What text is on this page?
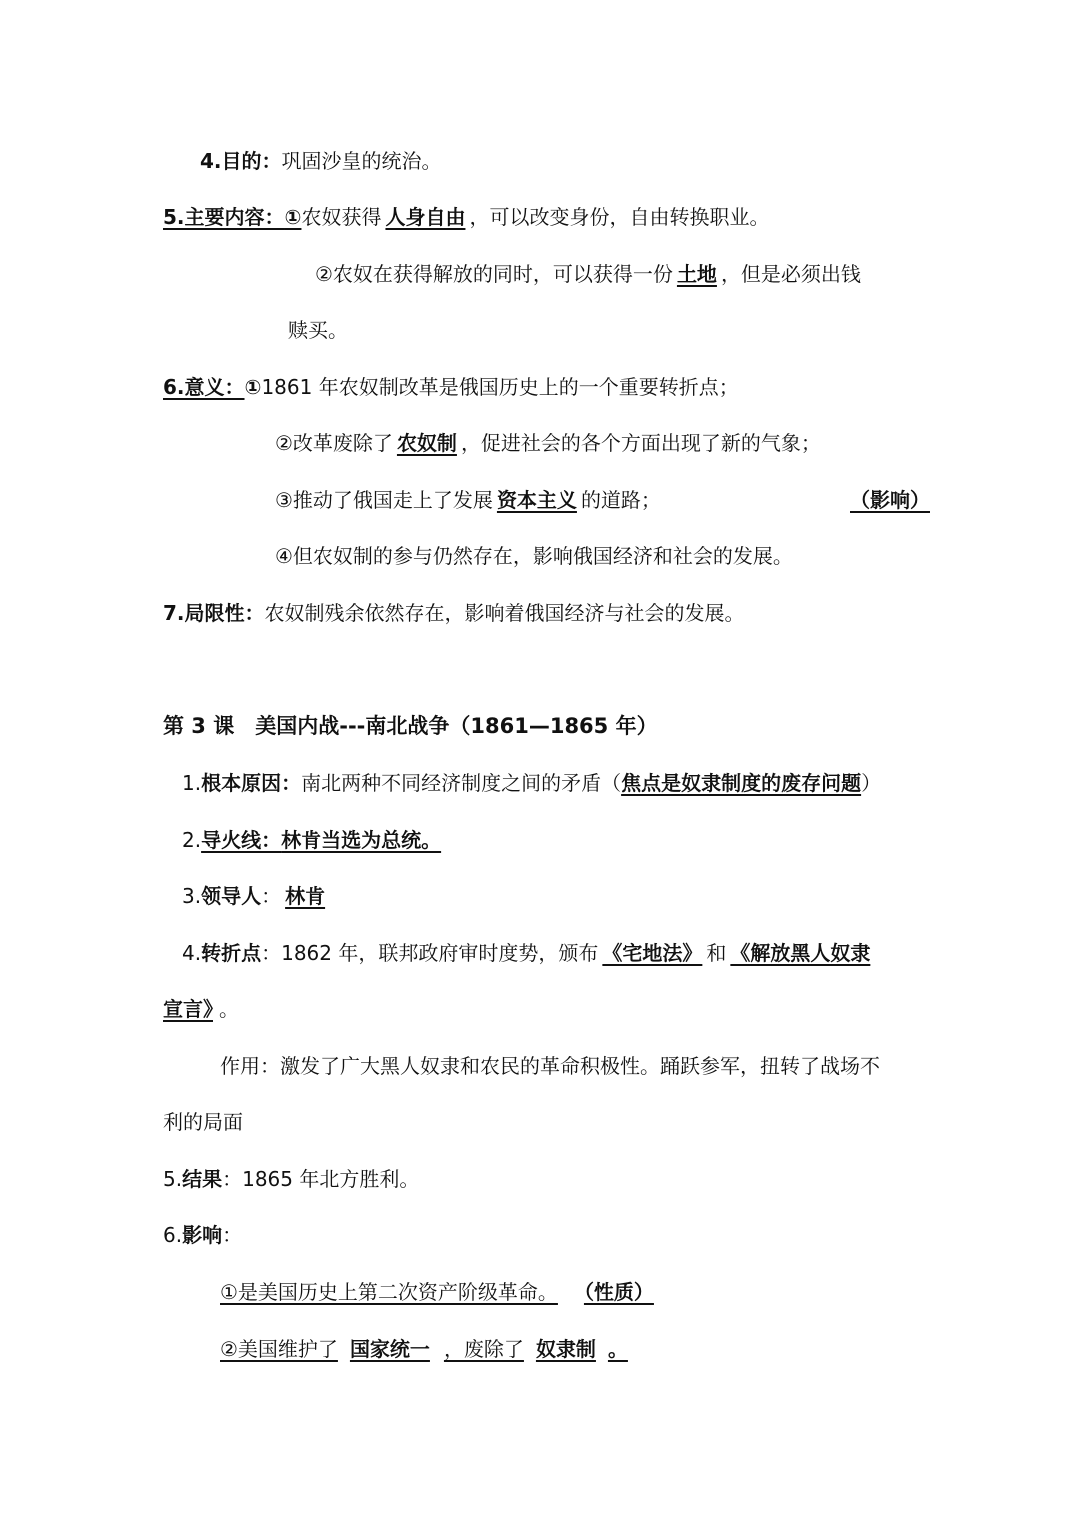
4.目的：巩固沙皇的统治。
5.主要内容：①农奴获得 人身自由 ，可以改变身份，自由转换职业。
②农奴在获得解放的同时，可以获得一份 土地 ，但是必须出钱
赎买。
6.意义：①1861 年农奴制改革是俄国历史上的一个重要转折点；
②改革废除了 农奴制 ，促进社会的各个方面出现了新的气象；
③推动了俄国走上了发展 资本主义 的道路；	（影响）
④但农奴制的参与仍然存在，影响俄国经济和社会的发展。
7.局限性：农奴制残余依然存在，影响着俄国经济与社会的发展。
第 3 课　美国内战---南北战争（1861—1865 年）
1.根本原因：南北两种不同经济制度之间的矛盾（焦点是奴隶制度的废存问题）
2.导火线：林肯当选为总统。
3.领导人： 林肯
4.转折点：1862 年，联邦政府审时度势，颁布 《宅地法》 和 《解放黑人奴隶
宣言》 。
作用：激发了广大黑人奴隶和农民的革命积极性。踊跃参军，扭转了战场不
利的局面
5.结果：1865 年北方胜利。
6.影响：
①是美国历史上第二次资产阶级革命。 （性质）
②美国维护了 国家统一 ，废除了 奴隶制 。
